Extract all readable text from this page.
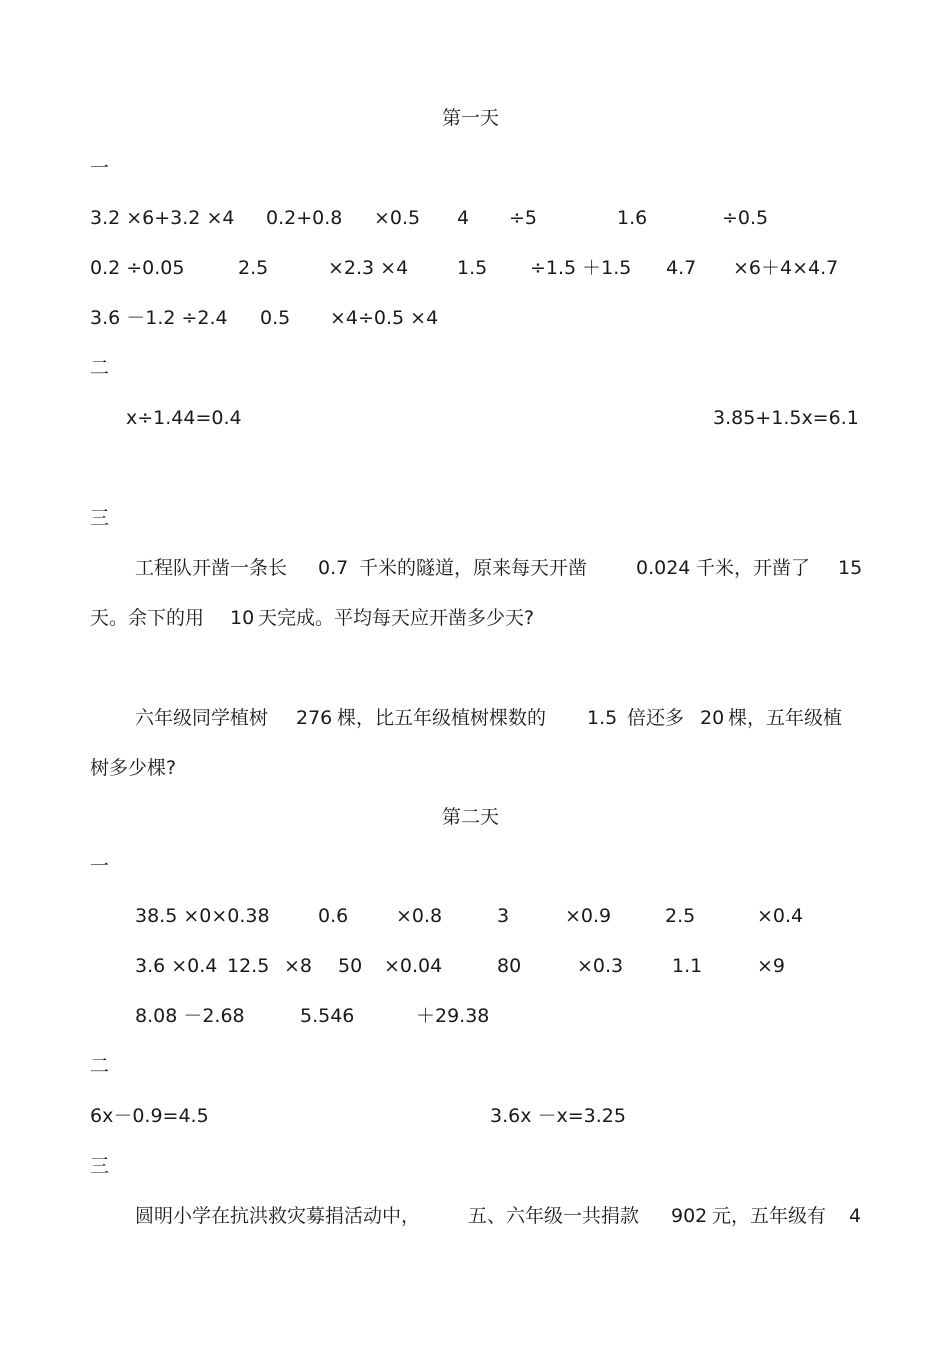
第一天
一
3.2 ×6+3.2 ×4 0.2+0.8 ×0.5 4 ÷5	1.6	÷0.5
0.2 ÷0.05	2.5	×2.3 ×4	1.5 ÷1.5 ＋1.5 4.7 ×6＋4×4.7
3.6 －1.2 ÷2.4 0.5 ×4÷0.5 ×4
二
x÷1.44=0.4	3.85+1.5x=6.1
三
工程队开凿一条长 0.7 千米的隧道，原来每天开凿	0.024 千米，开凿了 15
天。余下的用 10 天完成。平均每天应开凿多少天?
六年级同学植树 276 棵，比五年级植树棵数的 1.5 倍还多 20 棵，五年级植
树多少棵?
第二天
一
38.5 ×0×0.38	0.6	×0.8	3	×0.9	2.5	×0.4
3.6 ×0.4 12.5 ×8 50 ×0.04	80	×0.3	1.1	×9
8.08 －2.68	5.546	＋29.38
二
6x－0.9=4.5	3.6x －x=3.25
三
圆明小学在抗洪救灾募捐活动中，	五、六年级一共捐款 902 元，五年级有 4
